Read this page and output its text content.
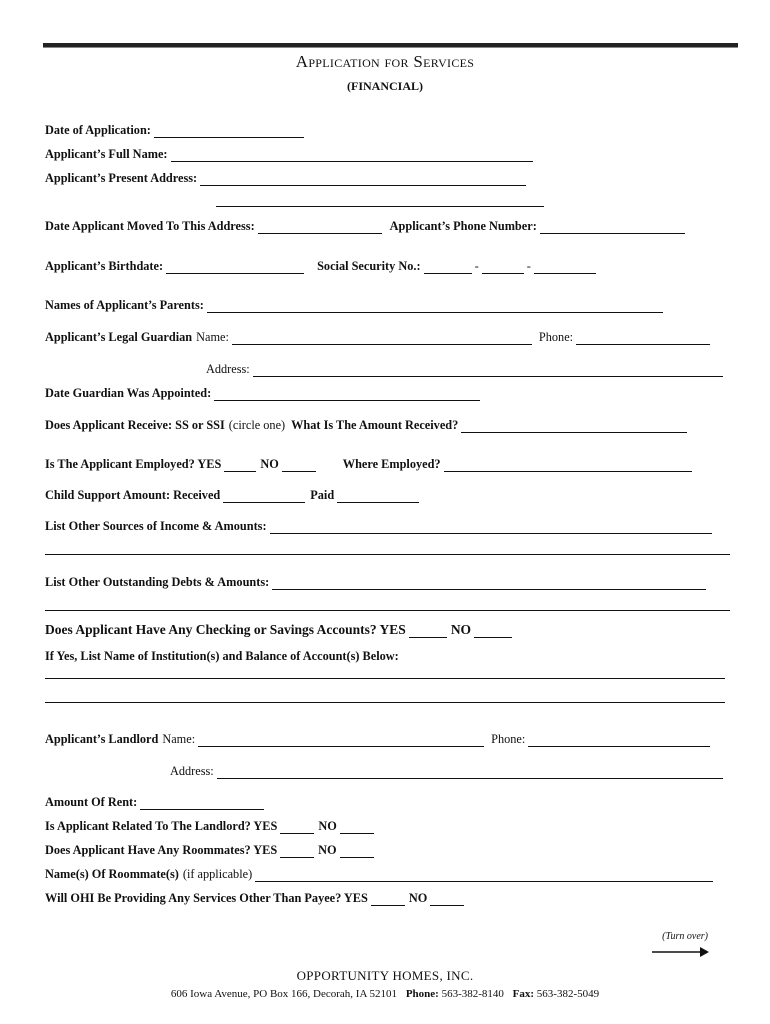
Application for Services
(FINANCIAL)
Date of Application:
Applicant’s Full Name:
Applicant’s Present Address:
Date Applicant Moved To This Address:	Applicant’s Phone Number:
Applicant’s Birthdate:	Social Security No.:	-	-
Names of Applicant’s Parents:
Applicant’s Legal Guardian Name:	Phone:
Address:
Date Guardian Was Appointed:
Does Applicant Receive: SS or SSI (circle one) What Is The Amount Received?
Is The Applicant Employed? YES	NO	Where Employed?
Child Support Amount: Received	Paid
List Other Sources of Income & Amounts:
List Other Outstanding Debts & Amounts:
Does Applicant Have Any Checking or Savings Accounts? YES	NO
If Yes, List Name of Institution(s) and Balance of Account(s) Below:
Applicant’s Landlord Name:	Phone:
Address:
Amount Of Rent:
Is Applicant Related To The Landlord? YES	NO
Does Applicant Have Any Roommates? YES	NO
Name(s) Of Roommate(s) (if applicable)
Will OHI Be Providing Any Services Other Than Payee? YES	NO
(Turn over)
OPPORTUNITY HOMES, INC.
606 Iowa Avenue, PO Box 166, Decorah, IA 52101 Phone: 563-382-8140 Fax: 563-382-5049
